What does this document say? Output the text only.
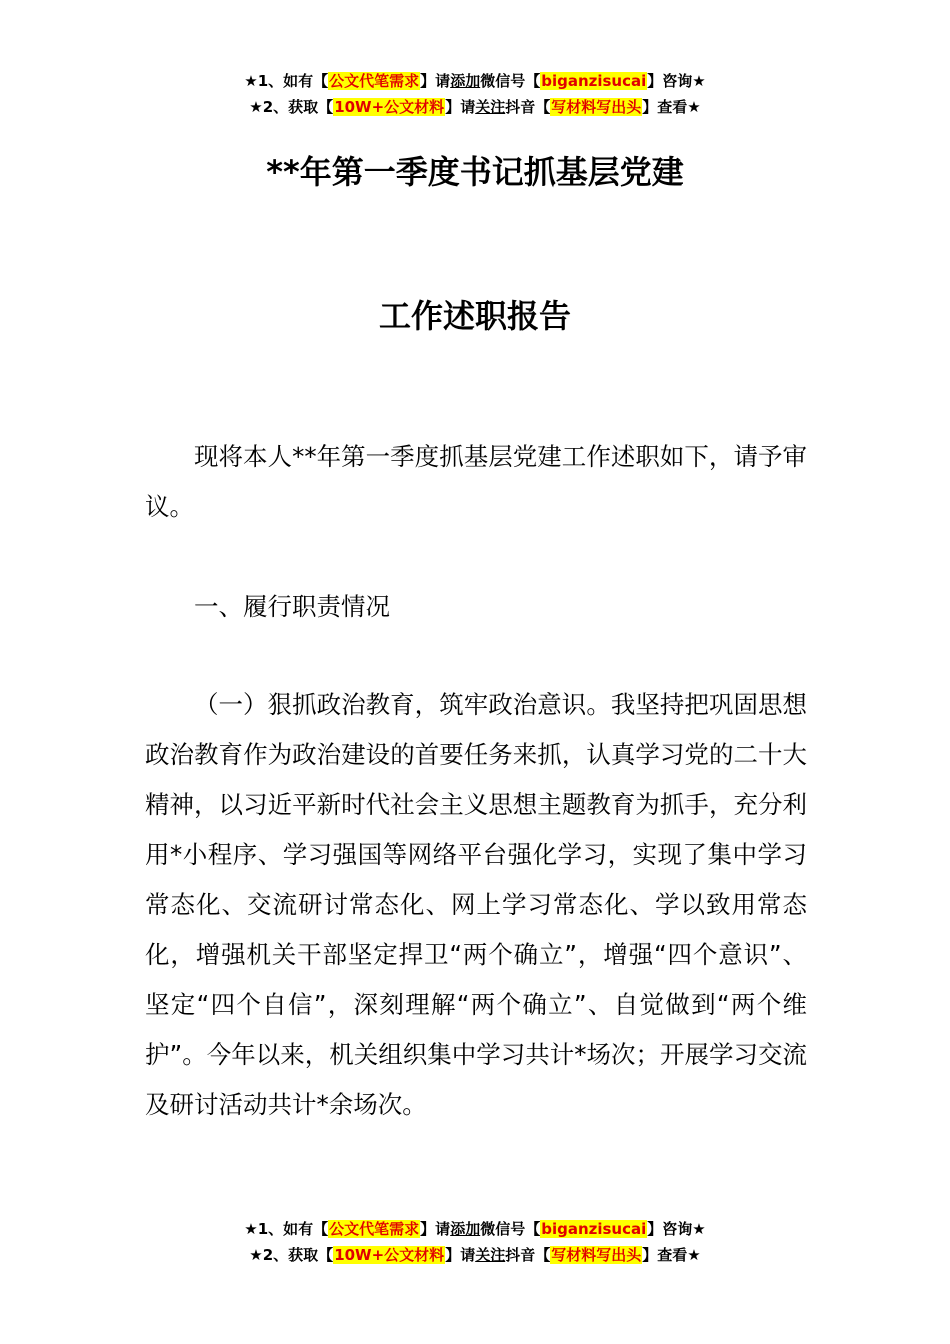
★1、如有【公文代笔需求】请添加微信号【biganzisucai】咨询★
★2、获取【10W+公文材料】请关注抖音【写材料写出头】查看★
**年第一季度书记抓基层党建
工作述职报告

现将本人**年第一季度抓基层党建工作述职如下，请予审议。

一、履行职责情况

（一）狠抓政治教育，筑牢政治意识。我坚持把巩固思想政治教育作为政治建设的首要任务来抓，认真学习党的二十大精神，以习近平新时代社会主义思想主题教育为抓手，充分利用*小程序、学习强国等网络平台强化学习，实现了集中学习常态化、交流研讨常态化、网上学习常态化、学以致用常态化，增强机关干部坚定捍卫“两个确立”，增强“四个意识”、坚定“四个自信”，深刻理解“两个确立”、自觉做到“两个维护”。今年以来，机关组织集中学习共计*场次；开展学习交流及研讨活动共计*余场次。

★1、如有【公文代笔需求】请添加微信号【biganzisucai】咨询★
★2、获取【10W+公文材料】请关注抖音【写材料写出头】查看★
